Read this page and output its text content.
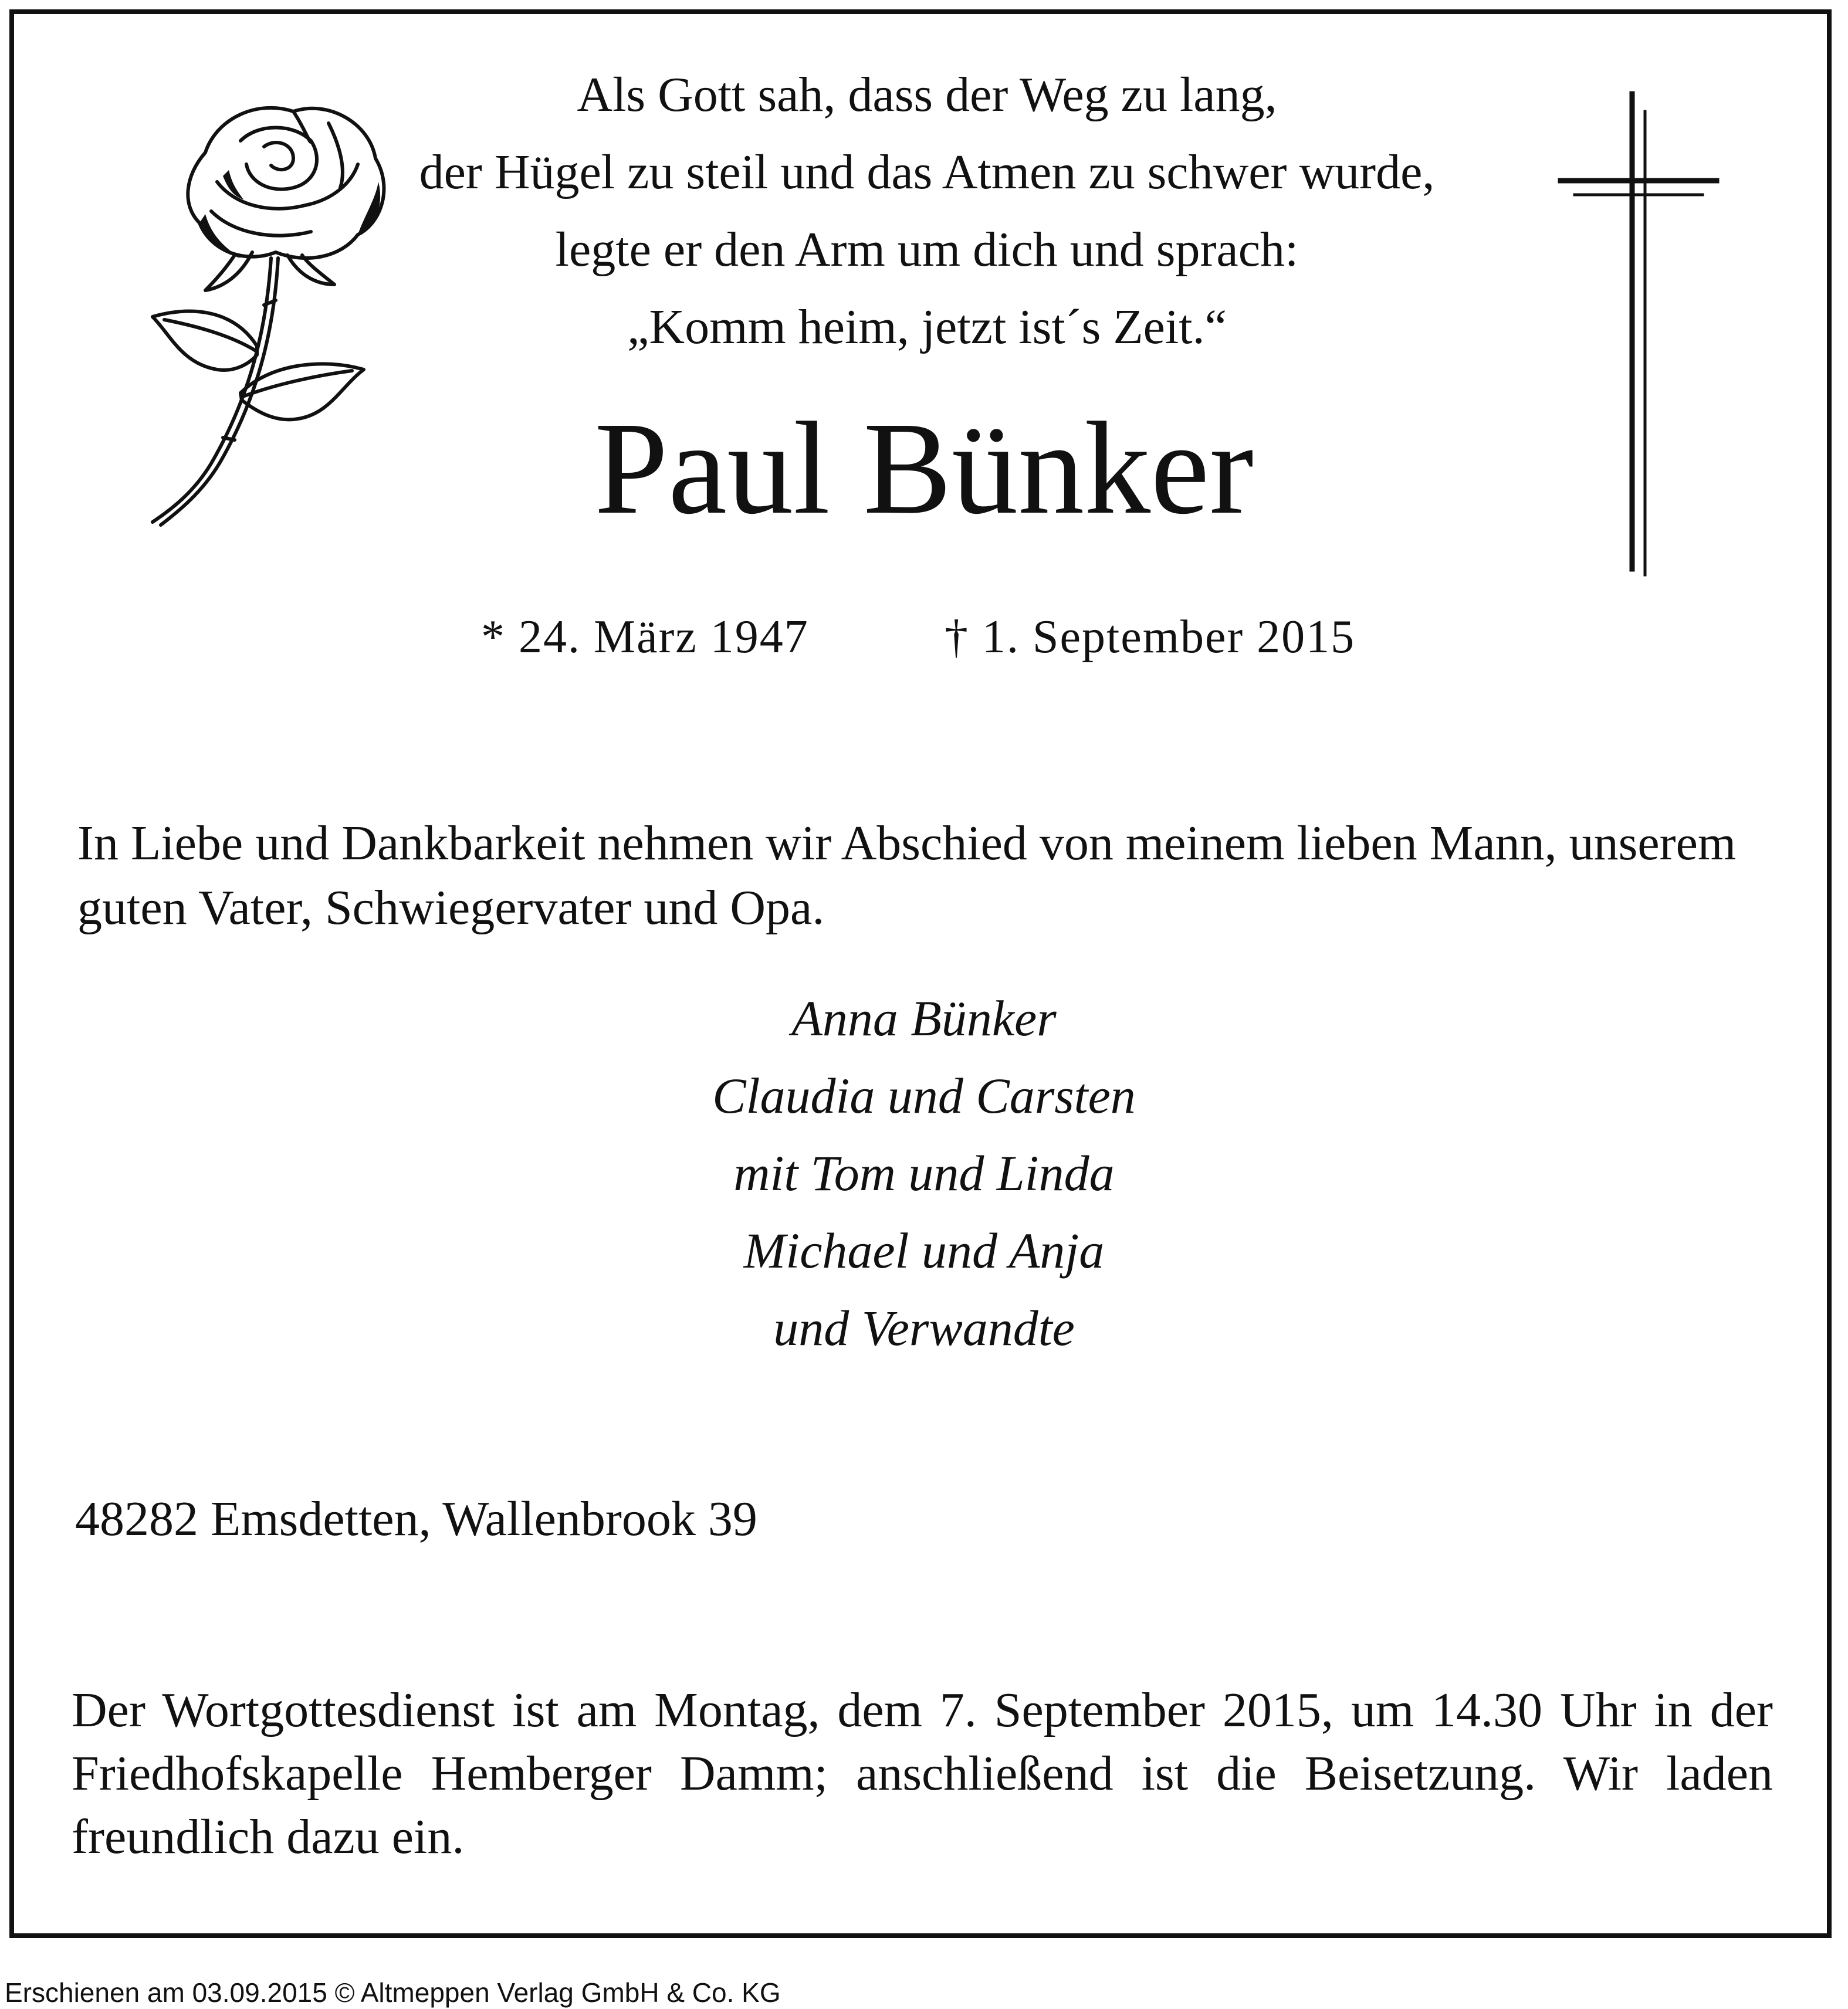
Als Gott sah, dass der Weg zu lang,
der Hügel zu steil und das Atmen zu schwer wurde,
legte er den Arm um dich und sprach:
„Komm heim, jetzt ist´s Zeit.“
Paul Bünker
* 24. März 1947	† 1. September 2015
In Liebe und Dankbarkeit nehmen wir Abschied von meinem lieben Mann, unserem guten Vater, Schwiegervater und Opa.
Anna Bünker
Claudia und Carsten
mit Tom und Linda
Michael und Anja
und Verwandte
48282 Emsdetten, Wallenbrook 39
Der Wortgottesdienst ist am Montag, dem 7. September 2015, um 14.30 Uhr in der Friedhofskapelle Hemberger Damm; anschließend ist die Beisetzung. Wir laden freundlich dazu ein.
Erschienen am 03.09.2015 © Altmeppen Verlag GmbH & Co. KG
